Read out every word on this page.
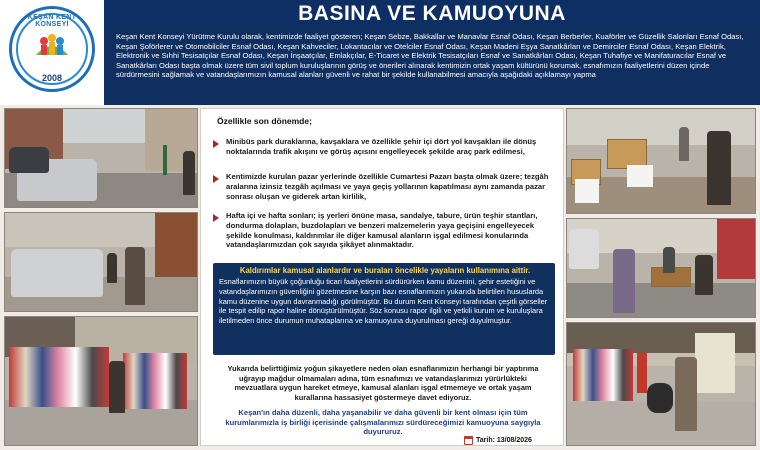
KEŞAN KENT KONSEYİ
2008
BASINA VE KAMUOYUNA
Keşan Kent Konseyi Yürütme Kurulu olarak, kentimizde faaliyet gösteren; Keşan Sebze, Bakkallar ve Manavlar Esnaf Odası, Keşan Berberler, Kuaförler ve Güzellik Salonları Esnaf Odası, Keşan Şoförlerer ve Otomobilciler Esnaf Odası, Keşan Kahveciler, Lokantacılar ve Otelciler Esnaf Odası, Keşan Madeni Eşya Sanatkârları ve Demirciler Esnaf Odası, Keşan Elektrik, Elektronik ve Sıhhi Tesisatçılar Esnaf Odası, Keşan İnşaatçılar, Emlakçılar, E-Ticaret ve Elektrik Tesisatçıları Esnaf ve Sanatkârları Odası, Keşan Tuhafiye ve Manifaturacılar Esnaf ve Sanatkârları Odası başta olmak üzere tüm sivil toplum kuruluşlarının görüş ve önerileri alınarak kentimizin ortak yaşam kültürünü korumak, esnafımızın faaliyetlerini düzen içinde sürdürmesini sağlamak ve vatandaşlarımızın kamusal alanları güvenli ve rahat bir şekilde kullanabilmesi amacıyla aşağıdaki açıklamayı yapma
Özellikle son dönemde;
Minibüs park duraklarına, kavşaklara ve özellikle şehir içi dört yol kavşakları ile dönüş noktalarında trafik akışını ve görüş açısını engelleyecek şekilde araç park edilmesi,
Kentimizde kurulan pazar yerlerinde özellikle Cumartesi Pazarı başta olmak üzere; tezgâh aralarına izinsiz tezgâh açılması ve yaya geçiş yollarının kapatılması aynı zamanda pazar sonrası oluşan ve giderek artan kirlilik,
Hafta içi ve hafta sonları; iş yerleri önüne masa, sandalye, tabure, ürün teşhir stantları, dondurma dolapları, buzdolapları ve benzeri malzemelerin yaya geçişini engelleyecek şekilde konulması, kaldırımlar ile diğer kamusal alanların işgal edilmesi konularında vatandaşlarımızdan çok sayıda şikâyet alınmaktadır.
Kaldırımlar kamusal alanlardır ve buraları öncelikle yayaların kullanımına aittir.
Esnaflarımızın büyük çoğunluğu ticari faaliyetlerini sürdürürken kamu düzenini, şehir estetiğini ve vatandaşlarımızın güvenliğini gözetmesine karşın bazı esnaflarımızın yukarıda belirtilen hususlarda kamu düzenine uygun davranmadığı görülmüştür. Bu durum Kent Konseyi tarafından çeşitli görseller ile tespit edilip rapor haline dönüştürülmüştür. Söz konusu rapor ilgili ve yetkili kurum ve kuruluşlara iletilmeden önce durumun muhataplarına ve kamuoyuna duyurulması gereği duyulmuştur.
Yukarıda belirttiğimiz yoğun şikayetlere neden olan esnaflarımızın herhangi bir yaptırıma uğrayıp mağdur olmamaları adına, tüm esnafımızı ve vatandaşlarımızı yürürlükteki mevzuatlara uygun hareket etmeye, kamusal alanları işgal etmemeye ve ortak yaşam kurallarına hassasiyet göstermeye davet ediyoruz.
Keşan'ın daha düzenli, daha yaşanabilir ve daha güvenli bir kent olması için tüm kurumlarımızla iş birliği içerisinde çalışmalarımızı sürdüreceğimizi kamuoyuna saygıyla duyururuz.
Tarih: 13/08/2026
